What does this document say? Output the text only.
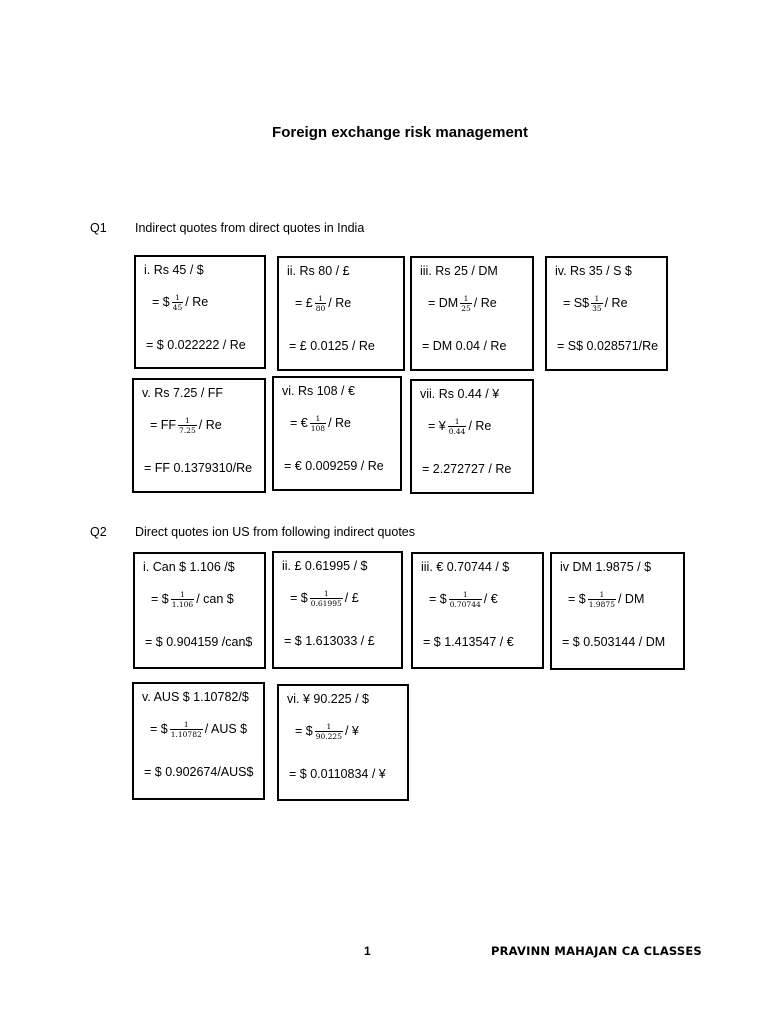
Foreign exchange risk management
Q1 Indirect quotes from direct quotes in India
Q2 Direct quotes ion US from following indirect quotes
i. Rs 45 / $
= $ $\frac{1}{45}$ / Re
= $ 0.022222 / Re
ii. Rs 80 / £
= £ $\frac{1}{80}$ / Re
= £ 0.0125 / Re
iii. Rs 25 / DM
= DM $\frac{1}{25}$ / Re
= DM 0.04 / Re
iv. Rs 35 / S $
= S$ $\frac{1}{35}$ / Re
= S$ 0.028571/Re
v. Rs 7.25 / FF
= FF $\frac{1}{7.25}$ / Re
= FF 0.1379310/Re
vi. Rs 108 / €
= € $\frac{1}{108}$ / Re
= € 0.009259 / Re
vii. Rs 0.44 / ¥
= ¥ $\frac{1}{0.44}$ / Re
= 2.272727 / Re
i. Can $ 1.106 /$
= $ $\frac{1}{1.106}$ / can $
= $ 0.904159 /can$
ii. £ 0.61995 / $
= $ $\frac{1}{0.61995}$ / £
= $ 1.613033 / £
iii. € 0.70744 / $
= $ $\frac{1}{0.70744}$ / €
= $ 1.413547 / €
iv DM 1.9875 / $
= $ $\frac{1}{1.9875}$ / DM
= $ 0.503144 / DM
v. AUS $ 1.10782/$
= $ $\frac{1}{1.10782}$ / AUS $
= $ 0.902674/AUS$
vi. ¥ 90.225 / $
= $ $\frac{1}{90.225}$ / ¥
= $ 0.0110834 / ¥
1	PRAVINN MAHAJAN CA CLASSES
